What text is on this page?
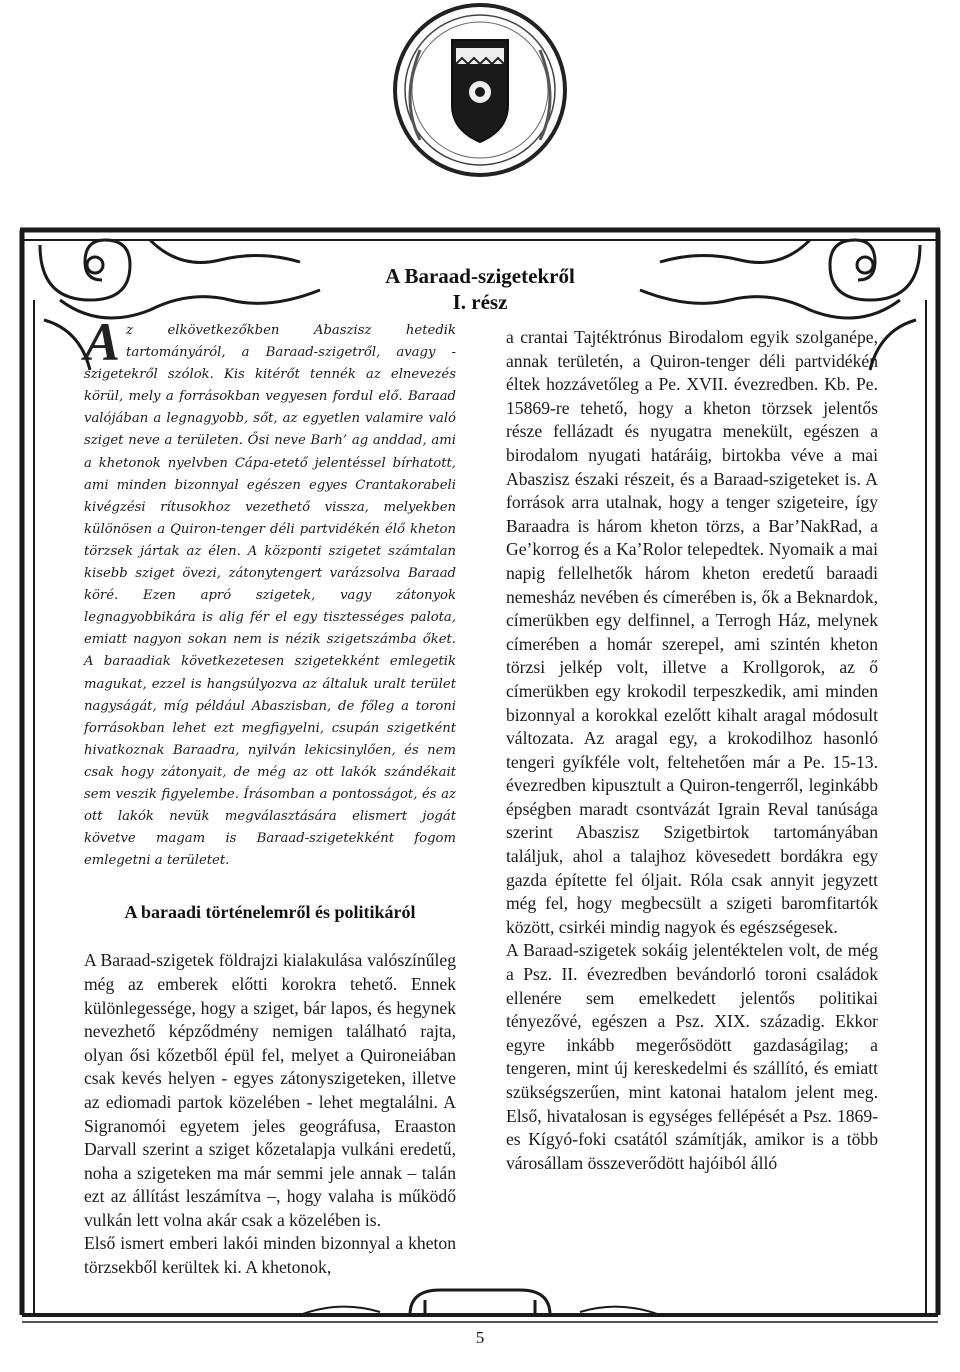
A Baraad-szigetekről
I. rész

Az elkövetkezőkben Abaszisz hetedik tartományáról, a Baraad-szigetről, avagy -szigetekről szólok. Kis kitérőt tennék az elnevezés körül, mely a forrásokban vegyesen fordul elő. Baraad valójában a legnagyobb, sőt, az egyetlen valamire való sziget neve a területen. Ősi neve Barh’ ag anddad, ami a khetonok nyelvben Cápa-etető jelentéssel bírhatott, ami minden bizonnyal egészen egyes Crantakorabeli kivégzési rítusokhoz vezethető vissza, melyekben különösen a Quiron-tenger déli partvidékén élő kheton törzsek jártak az élen. A központi szigetet számtalan kisebb sziget övezi, zátonytengert varázsolva Baraad köré. Ezen apró szigetek, vagy zátonyok legnagyobbikára is alig fér el egy tisztességes palota, emiatt nagyon sokan nem is nézik szigetszámba őket. A baraadiak következetesen szigetekként emlegetik magukat, ezzel is hangsúlyozva az általuk uralt terület nagyságát, míg például Abaszisban, de főleg a toroni forrásokban lehet ezt megfigyelni, csupán szigetként hivatkoznak Baraadra, nyilván lekicsinylően, és nem csak hogy zátonyait, de még az ott lakók szándékait sem veszik figyelembe. Írásomban a pontosságot, és az ott lakók nevük megválasztására elismert jogát követve magam is Baraad-szigetekként fogom emlegetni a területet.

A baraadi történelemről és politikáról

A Baraad-szigetek földrajzi kialakulása valószínűleg még az emberek előtti korokra tehető. Ennek különlegessége, hogy a sziget, bár lapos, és hegynek nevezhető képződmény nemigen található rajta, olyan ősi kőzetből épül fel, melyet a Quironeiában csak kevés helyen - egyes zátonyszigeteken, illetve az ediomadi partok közelében - lehet megtalálni. A Sigranomói egyetem jeles geográfusa, Eraaston Darvall szerint a sziget kőzetalapja vulkáni eredetű, noha a szigeteken ma már semmi jele annak – talán ezt az állítást leszámítva –, hogy valaha is működő vulkán lett volna akár csak a közelében is.

Első ismert emberi lakói minden bizonnyal a kheton törzsekből kerültek ki. A khetonok,

a crantai Tajtéktrónus Birodalom egyik szolganépe, annak területén, a Quiron-tenger déli partvidékén éltek hozzávetőleg a Pe. XVII. évezredben. Kb. Pe. 15869-re tehető, hogy a kheton törzsek jelentős része fellázadt és nyugatra menekült, egészen a birodalom nyugati határáig, birtokba véve a mai Abaszisz északi részeit, és a Baraad-szigeteket is. A források arra utalnak, hogy a tenger szigeteire, így Baraadra is három kheton törzs, a Bar’NakRad, a Ge’korrog és a Ka’Rolor telepedtek. Nyomaik a mai napig fellelhetők három kheton eredetű baraadi nemesház nevében és címerében is, ők a Beknardok, címerükben egy delfinnel, a Terrogh Ház, melynek címerében a homár szerepel, ami szintén kheton törzsi jelkép volt, illetve a Krollgorok, az ő címerükben egy krokodil terpeszkedik, ami minden bizonnyal a korokkal ezelőtt kihalt aragal módosult változata. Az aragal egy, a krokodilhoz hasonló tengeri gyíkféle volt, feltehetően már a Pe. 15-13. évezredben kipusztult a Quiron-tengerről, leginkább épségben maradt csontvázát Igrain Reval tanúsága szerint Abaszisz Szigetbirtok tartományában találjuk, ahol a talajhoz kövesedett bordákra egy gazda építette fel óljait. Róla csak annyit jegyzett még fel, hogy megbecsült a szigeti baromfitartók között, csirkéi mindig nagyok és egészségesek.

A Baraad-szigetek sokáig jelentéktelen volt, de még a Psz. II. évezredben bevándorló toroni családok ellenére sem emelkedett jelentős politikai tényezővé, egészen a Psz. XIX. századig. Ekkor egyre inkább megerősödött gazdaságilag; a tengeren, mint új kereskedelmi és szállító, és emiatt szükségszerűen, mint katonai hatalom jelent meg. Első, hivatalosan is egységes fellépését a Psz. 1869-es Kígyó-foki csatától számítják, amikor is a több városállam összeverődött hajóiból álló

5
